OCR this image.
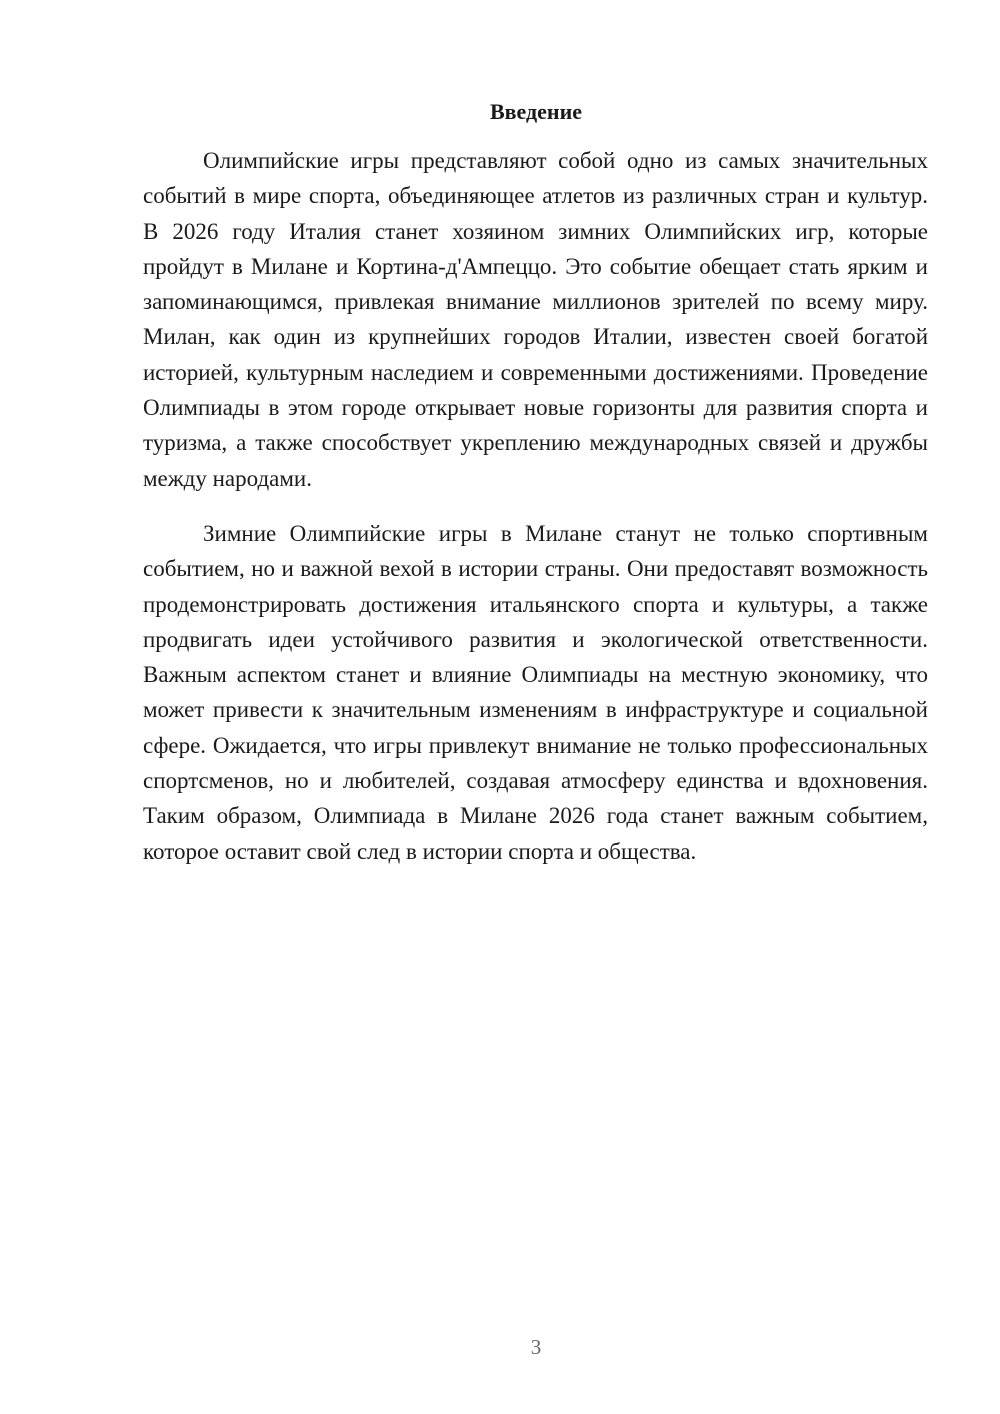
Введение

Олимпийские игры представляют собой одно из самых значительных событий в мире спорта, объединяющее атлетов из различных стран и культур. В 2026 году Италия станет хозяином зимних Олимпийских игр, которые пройдут в Милане и Кортина-д'Ампеццо. Это событие обещает стать ярким и запоминающимся, привлекая внимание миллионов зрителей по всему миру. Милан, как один из крупнейших городов Италии, известен своей богатой историей, культурным наследием и современными достижениями. Проведение Олимпиады в этом городе открывает новые горизонты для развития спорта и туризма, а также способствует укреплению международных связей и дружбы между народами.

Зимние Олимпийские игры в Милане станут не только спортивным событием, но и важной вехой в истории страны. Они предоставят возможность продемонстрировать достижения итальянского спорта и культуры, а также продвигать идеи устойчивого развития и экологической ответственности. Важным аспектом станет и влияние Олимпиады на местную экономику, что может привести к значительным изменениям в инфраструктуре и социальной сфере. Ожидается, что игры привлекут внимание не только профессиональных спортсменов, но и любителей, создавая атмосферу единства и вдохновения. Таким образом, Олимпиада в Милане 2026 года станет важным событием, которое оставит свой след в истории спорта и общества.

3
